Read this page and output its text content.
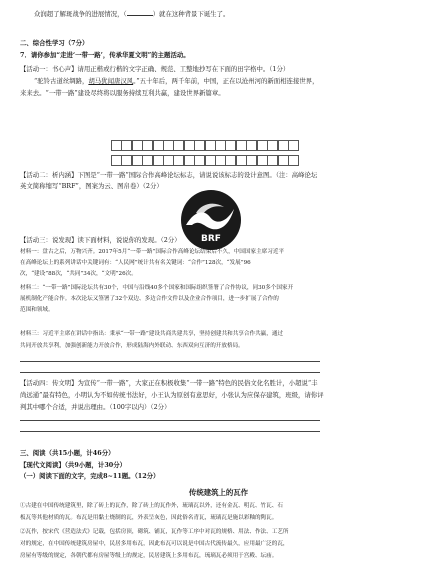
众润超了解斑战争的进展情况，（	）就在这种背景下诞生了。
二、综合性学习（7分）
7．请你参加“走进‘一带一路’，传承华夏文明”的主题活动。
【活动一：书心声】请用正楷或行楷的文字正确、规范、工整地抄写在下面的田字格中。（1分）
“驼铃古道丝绸路，胡马犹闻唐汉风。”五十年后，两千年前，中国，正在以沧州河的新面相连接世界，
来来去。“一带一路”建设尽终将以服务持续互利共赢，建设世界新篇章。
【活动二：析内涵】下图是“一带一路”国际合作高峰论坛标志，请说说该标志的设计意图。（注：高峰论坛
英文简称缩写“BRF”，图案为云、图帛卷）（2分）
BRF
【活动三：说发现】读下面材料，说说你的发现。（2分）
材料一：盘古之后，万物兴齐。2017年5月“一带一路”国际合作高峰论坛结束后不久，中国国家主席习近平
在高峰论坛上的系列讲话中关键词有：“人民网”统计共有名关键词：“合作”128次，“发展”96
次，“建设”88次，“共同”34次，“文明”26次。
材料二：“一带一路”国际论坛共有30个，中国与沿线40多个国家和国际组织签署了合作协议，同30多个国家开
展机制化产能合作。本次论坛又签署了32个双边、多边合作文件以及企业合作项目，进一步扩展了合作的
范围和领域。
材料三：习近平主席在讲话中指出：秉承“一带一路”建设共商共建共享，坚持创建共和共享合作共赢，通过
共同开放共享利，加强创新能力开放合作，形成陆海内外联动、东西双向互济的开放格局。
【活动四：传文明】为宣传“一带一路”，大家正在积极收集“一带一路”特色的民俗文化名胜计，小超说“丰
尚远通”最有特色，小明认为不如传统书法好，小王认为原创有意思好，小张认为应保存建筑，班级，请你评
判其中哪个合适，并说出理由。（100字以内）（2分）
三、阅读（共15小题，计46分）
【现代文阅读】（共9小题，计30分）
（一）阅读下面的文字，完成8~11题。（12分）
传统建筑上的瓦作
①古建在中国传统建筑里，除了砖上的瓦作，除了砖上的瓦作外，琉璃瓦以外，还有金瓦、明瓦、竹瓦、石
板瓦等其他材质的瓦。布瓦是用黏土烧制的瓦，外表呈灰色，因此俗名青瓦，琉璃瓦是施以彩釉的陶瓦。
②瓦作，按宋代《营造法式》记载，包括房顶，砌筑、铺瓦，瓦作等工序中对瓦的规格、用法、作法、工艺所
对的规定，在中国传统建筑房屋中，民居多用布瓦，因此布瓦可以说是中国古代流传最久，应用最广泛的瓦，
房屋有等级的规定，各朝代都有房屋等级上的规定，民居建筑上多用布瓦，琉璃瓦必须用于宫殿、坛庙。
